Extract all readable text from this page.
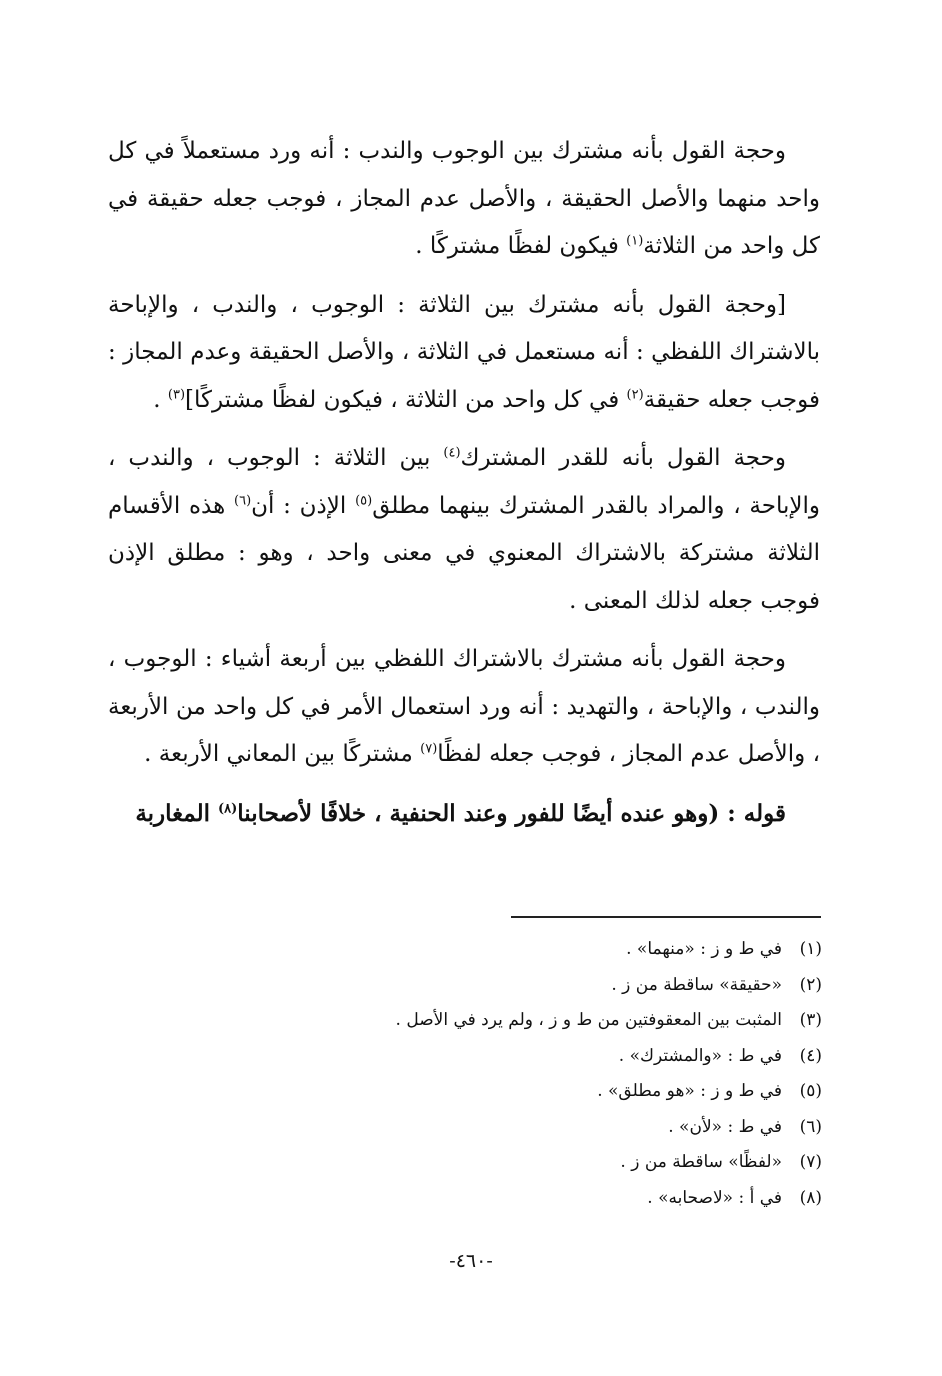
وحجة القول بأنه مشترك بين الوجوب والندب : أنه ورد مستعملاً في كل واحد منهما والأصل الحقيقة ، والأصل عدم المجاز ، فوجب جعله حقيقة في كل واحد من الثلاثة$^{(١)}$ فيكون لفظًا مشتركًا .

[وحجة القول بأنه مشترك بين الثلاثة : الوجوب ، والندب ، والإباحة بالاشتراك اللفظي : أنه مستعمل في الثلاثة ، والأصل الحقيقة وعدم المجاز : فوجب جعله حقيقة$^{(٢)}$ في كل واحد من الثلاثة ، فيكون لفظًا مشتركًا]$^{(٣)}$ .

وحجة القول بأنه للقدر المشترك$^{(٤)}$ بين الثلاثة : الوجوب ، والندب ، والإباحة ، والمراد بالقدر المشترك بينهما مطلق$^{(٥)}$ الإذن : أن$^{(٦)}$ هذه الأقسام الثلاثة مشتركة بالاشتراك المعنوي في معنى واحد ، وهو : مطلق الإذن فوجب جعله لذلك المعنى .

وحجة القول بأنه مشترك بالاشتراك اللفظي بين أربعة أشياء : الوجوب ، والندب ، والإباحة ، والتهديد : أنه ورد استعمال الأمر في كل واحد من الأربعة ، والأصل عدم المجاز ، فوجب جعله لفظًا$^{(٧)}$ مشتركًا بين المعاني الأربعة .

قوله : (وهو عنده أيضًا للفور وعند الحنفية ، خلافًا لأصحابنا$^{(٨)}$ المغاربة

(١)في ط و ز : «منهما» .
(٢)«حقيقة» ساقطة من ز .
(٣)المثبت بين المعقوفتين من ط و ز ، ولم يرد في الأصل .
(٤)في ط : «والمشترك» .
(٥)في ط و ز : «هو مطلق» .
(٦)في ط : «لأن» .
(٧)«لفظًا» ساقطة من ز .
(٨)في أ : «لاصحابه» .
-٤٦٠-
